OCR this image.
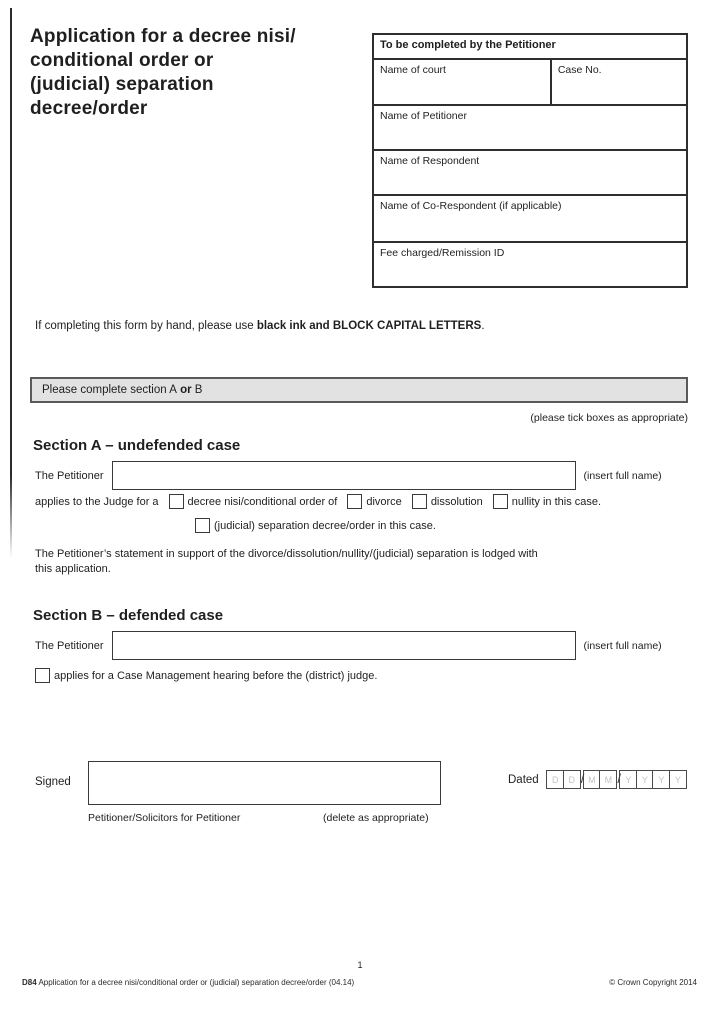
Application for a decree nisi/
conditional order or
(judicial) separation
decree/order
To be completed by the Petitioner
Name of court	Case No.
Name of Petitioner
Name of Respondent
Name of Co-Respondent (if applicable)
Fee charged/Remission ID
If completing this form by hand, please use black ink and BLOCK CAPITAL LETTERS.
Please complete section A
or
B
(please tick boxes as appropriate)
Section A – undefended case
The Petitioner	(insert full name)
applies to the Judge for a	decree nisi/conditional order of	divorce	dissolution	nullity in this case.
(judicial) separation decree/order in this case.
The Petitioner’s statement in support of the divorce/dissolution/nullity/(judicial) separation is lodged with
this application.
Section B – defended case
The Petitioner	(insert full name)
applies for a Case Management hearing before the (district) judge.
Signed
Petitioner/Solicitors for Petitioner	(delete as appropriate)
Dated	D	D / M	M / Y	Y	Y	Y
1
D84 Application for a decree nisi/conditional order or (judicial) separation decree/order (04.14)	© Crown Copyright 2014
